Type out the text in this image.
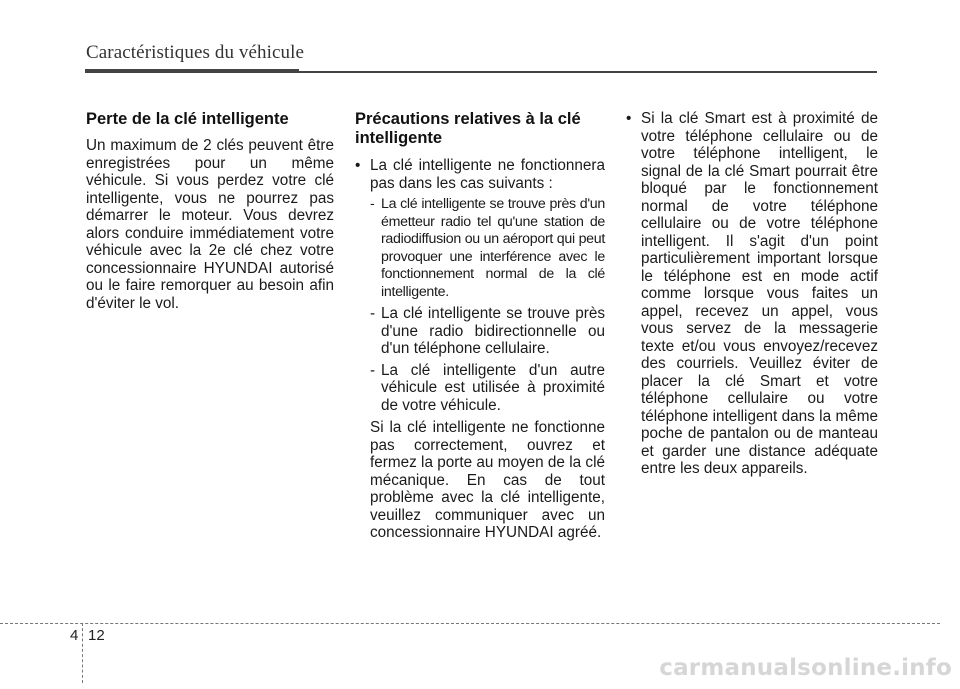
Caractéristiques du véhicule
Perte de la clé intelligente

Un maximum de 2 clés peuvent être enregistrées pour un même véhicule. Si vous perdez votre clé intelligente, vous ne pourrez pas démarrer le moteur. Vous devrez alors conduire immédiatement votre véhicule avec la 2e clé chez votre concessionnaire HYUNDAI autorisé ou le faire remorquer au besoin afin d'éviter le vol.

Précautions relatives à la clé intelligente

• La clé intelligente ne fonctionnera pas dans les cas suivants :

- La clé intelligente se trouve près d'un émetteur radio tel qu'une station de radiodiffusion ou un aéroport qui peut provoquer une interférence avec le fonctionnement normal de la clé intelligente.

- La clé intelligente se trouve près d'une radio bidirectionnelle ou d'un téléphone cellulaire.

- La clé intelligente d'un autre véhicule est utilisée à proximité de votre véhicule.

Si la clé intelligente ne fonctionne pas correctement, ouvrez et fermez la porte au moyen de la clé mécanique. En cas de tout problème avec la clé intelligente, veuillez communiquer avec un concessionnaire HYUNDAI agréé.

• Si la clé Smart est à proximité de votre téléphone cellulaire ou de votre téléphone intelligent, le signal de la clé Smart pourrait être bloqué par le fonctionnement normal de votre téléphone cellulaire ou de votre téléphone intelligent. Il s'agit d'un point particulièrement important lorsque le téléphone est en mode actif comme lorsque vous faites un appel, recevez un appel, vous vous servez de la messagerie texte et/ou vous envoyez/recevez des courriels. Veuillez éviter de placer la clé Smart et votre téléphone cellulaire ou votre téléphone intelligent dans la même poche de pantalon ou de manteau et garder une distance adéquate entre les deux appareils.

4 12
carmanualsonline.info
